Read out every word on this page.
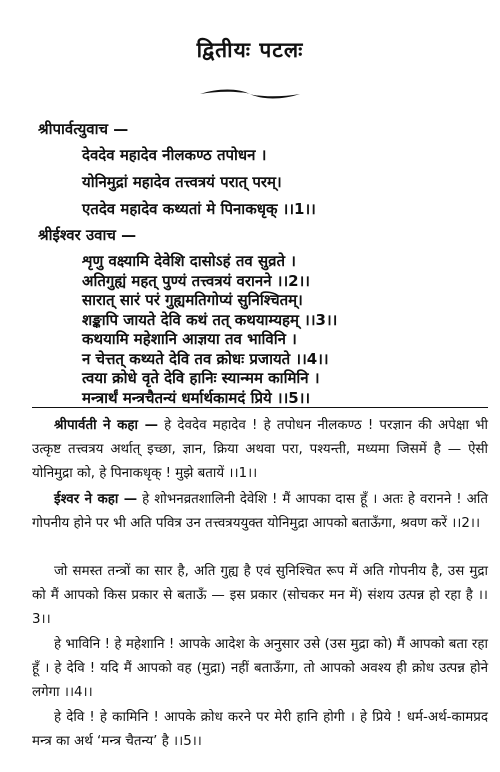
द्वितीयः पटलः
श्रीपार्वत्युवाच —
देवदेव महादेव नीलकण्ठ तपोधन ।
योनिमुद्रां महादेव तत्त्वत्रयं परात् परम्।
एतदेव महादेव कथ्यतां मे पिनाकधृक् ।।1।।
श्रीईश्वर उवाच —
शृणु वक्ष्यामि देवेशि दासोऽहं तव सुव्रते ।
अतिगुह्यं महत् पुण्यं तत्त्वत्रयं वरानने ।।2।।
सारात् सारं परं गुह्यमतिगोप्यं सुनिश्चितम्।
शङ्कापि जायते देवि कथं तत् कथयाम्यहम् ।।3।।
कथयामि महेशानि आज्ञया तव भाविनि ।
न चेत्तत् कथ्यते देवि तव क्रोधः प्रजायते ।।4।।
श्रीपार्वती ने कहा — हे देवदेव महादेव ! हे तपोधन नीलकण्ठ ! परज्ञान की अपेक्षा भी उत्कृष्ट तत्त्वत्रय अर्थात् इच्छा, ज्ञान, क्रिया अथवा परा, पश्यन्ती, मध्यमा जिसमें है — ऐसी योनिमुद्रा को, हे पिनाकधृक् ! मुझे बतायें ।।1।।
ईश्वर ने कहा — हे शोभनव्रतशालिनी देवेशि ! मैं आपका दास हूँ । अतः हे वरानने ! अति गोपनीय होने पर भी अति पवित्र उन तत्त्वत्रययुक्त योनिमुद्रा आपको बताऊँगा, श्रवण करें ।।2।।
जो समस्त तन्त्रों का सार है, अति गुह्य है एवं सुनिश्चित रूप में अति गोपनीय है, उस मुद्रा को मैं आपको किस प्रकार से बताऊँ — इस प्रकार (सोचकर मन में) संशय उत्पन्न हो रहा है ।।3।।
हे भाविनि ! हे महेशानि ! आपके आदेश के अनुसार उसे (उस मुद्रा को) मैं आपको बता रहा हूँ । हे देवि ! यदि मैं आपको वह (मुद्रा) नहीं बताऊँगा, तो आपको अवश्य ही क्रोध उत्पन्न होने लगेगा ।।4।।
हे देवि ! हे कामिनि ! आपके क्रोध करने पर मेरी हानि होगी । हे प्रिये ! धर्म-अर्थ-कामप्रद मन्त्र का अर्थ ‘मन्त्र चैतन्य’ है ।।5।।
त्वया क्रोधे वृते देवि हानिः स्यान्मम कामिनि ।
मन्त्रार्थं मन्त्रचैतन्यं धर्मार्थकामदं प्रिये ।।5।।
